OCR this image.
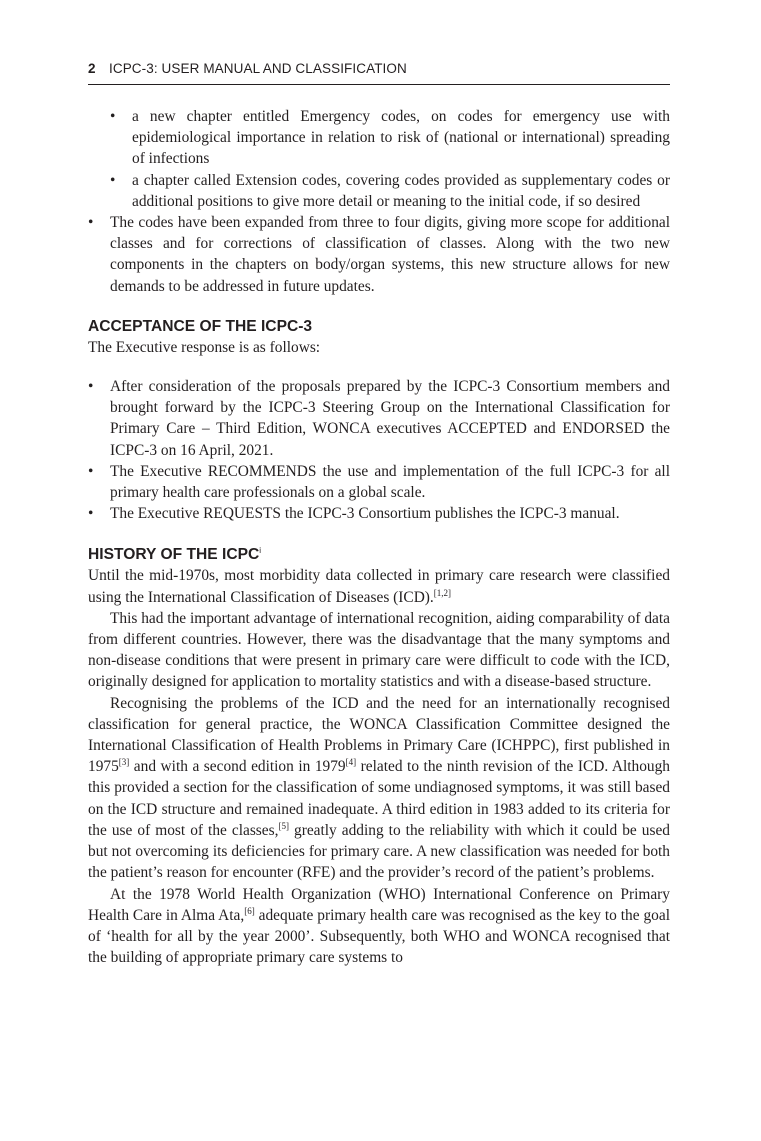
2 ICPC-3: USER MANUAL AND CLASSIFICATION
•	a new chapter entitled Emergency codes, on codes for emergency use with epidemiological importance in relation to risk of (national or international) spreading of infections
•	a chapter called Extension codes, covering codes provided as supplementary codes or additional positions to give more detail or meaning to the initial code, if so desired
•	The codes have been expanded from three to four digits, giving more scope for additional classes and for corrections of classification of classes. Along with the two new components in the chapters on body/organ systems, this new structure allows for new demands to be addressed in future updates.
ACCEPTANCE OF THE ICPC-3

The Executive response is as follows:

•	After consideration of the proposals prepared by the ICPC-3 Consortium members and brought forward by the ICPC-3 Steering Group on the International Classification for Primary Care – Third Edition, WONCA executives ACCEPTED and ENDORSED the ICPC-3 on 16 April, 2021.
•	The Executive RECOMMENDS the use and implementation of the full ICPC-3 for all primary health care professionals on a global scale.
•	The Executive REQUESTS the ICPC-3 Consortium publishes the ICPC-3 manual.
HISTORY OF THE ICPC$^i$

Until the mid-1970s, most morbidity data collected in primary care research were classified using the International Classification of Diseases (ICD).[1,2]

This had the important advantage of international recognition, aiding comparability of data from different countries. However, there was the disadvantage that the many symptoms and non-disease conditions that were present in primary care were difficult to code with the ICD, originally designed for application to mortality statistics and with a disease-based structure.

Recognising the problems of the ICD and the need for an internationally recognised classification for general practice, the WONCA Classification Committee designed the International Classification of Health Problems in Primary Care (ICHPPC), first published in 1975[3] and with a second edition in 1979[4] related to the ninth revision of the ICD. Although this provided a section for the classification of some undiagnosed symptoms, it was still based on the ICD structure and remained inadequate. A third edition in 1983 added to its criteria for the use of most of the classes,[5] greatly adding to the reliability with which it could be used but not overcoming its deficiencies for primary care. A new classification was needed for both the patient’s reason for encounter (RFE) and the provider’s record of the patient’s problems.

At the 1978 World Health Organization (WHO) International Conference on Primary Health Care in Alma Ata,[6] adequate primary health care was recognised as the key to the goal of ‘health for all by the year 2000’. Subsequently, both WHO and WONCA recognised that the building of appropriate primary care systems to
